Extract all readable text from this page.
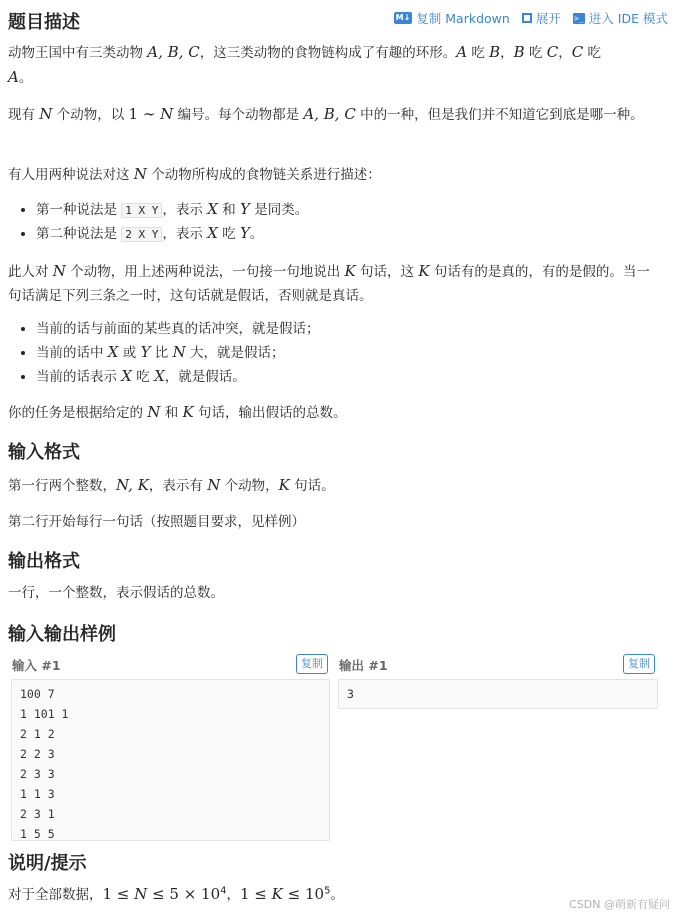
题目描述	M↓ 复制 Markdown 展开 >_ 进入 IDE 模式

动物王国中有三类动物 A, B, C，这三类动物的食物链构成了有趣的环形。A 吃 B，B 吃 C，C 吃
A。

现有 N 个动物，以 1 ∼ N 编号。每个动物都是 A, B, C 中的一种，但是我们并不知道它到底是哪一种。

有人用两种说法对这 N 个动物所构成的食物链关系进行描述：

• 第一种说法是 1 X Y ，表示 X 和 Y 是同类。
• 第二种说法是 2 X Y ，表示 X 吃 Y。

此人对 N 个动物，用上述两种说法，一句接一句地说出 K 句话，这 K 句话有的是真的，有的是假的。当一句话满足下列三条之一时，这句话就是假话，否则就是真话。

• 当前的话与前面的某些真的话冲突，就是假话；
• 当前的话中 X 或 Y 比 N 大，就是假话；
• 当前的话表示 X 吃 X，就是假话。

你的任务是根据给定的 N 和 K 句话，输出假话的总数。

输入格式

第一行两个整数，N, K，表示有 N 个动物，K 句话。

第二行开始每行一句话（按照题目要求，见样例）

输出格式

一行，一个整数，表示假话的总数。

输入输出样例
输入 #1	复制
100 7
1 101 1
2 1 2
2 2 3
2 3 3
1 1 3
2 3 1
1 5 5
输出 #1	复制
3
说明/提示

对于全部数据，$1 \le N \le 5 \times 10^4$，$1 \le K \le 10^5$。

CSDN @萌新有疑问
